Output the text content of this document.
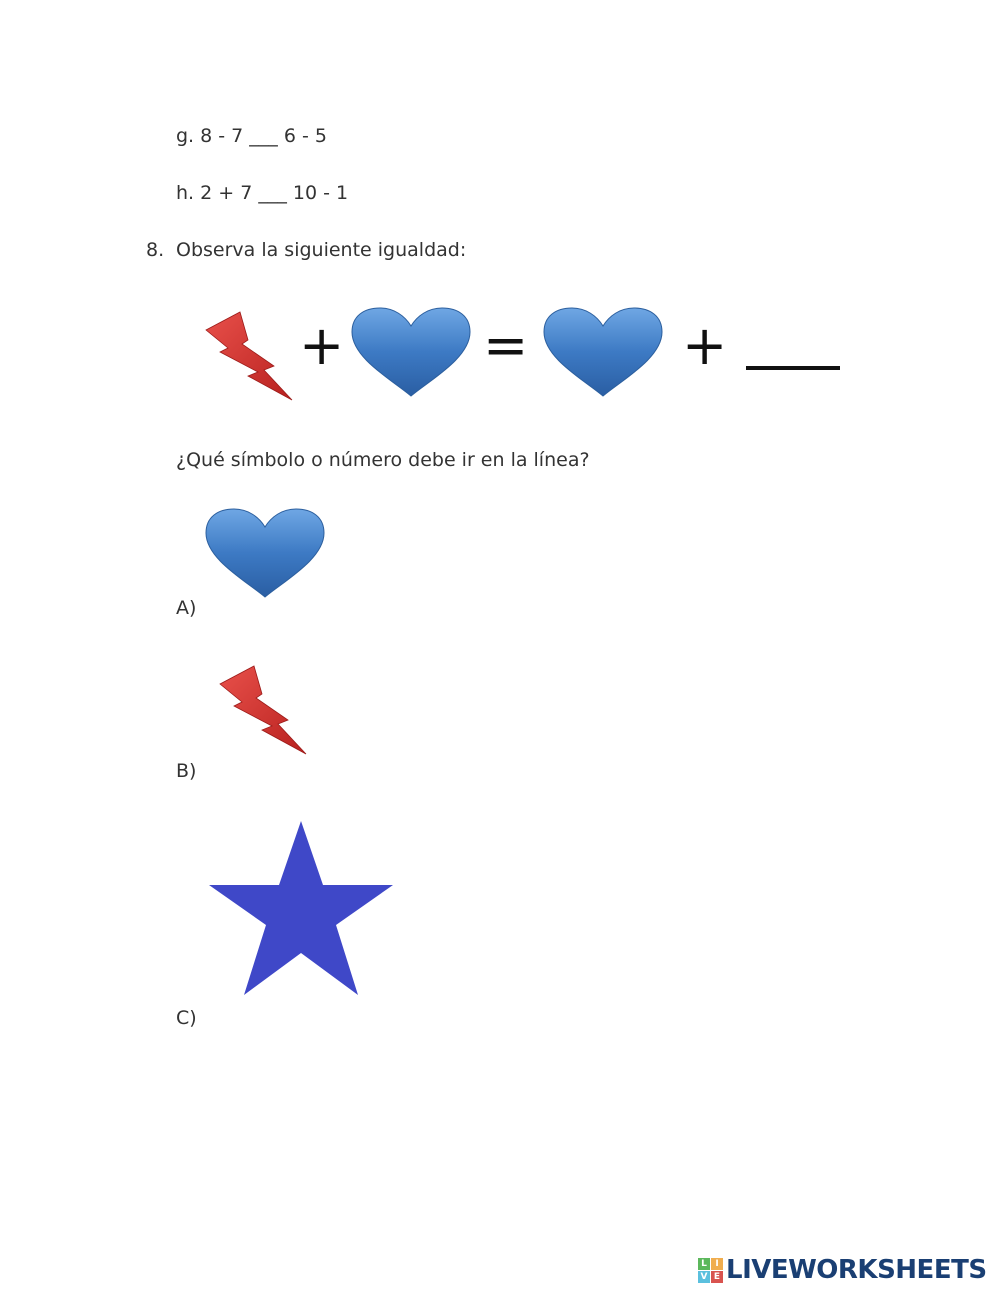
g. 8 - 7 ___ 6 - 5
h. 2 + 7 ___ 10 - 1
8. Observa la siguiente igualdad:
+	=	+
¿Qué símbolo o número debe ir en la línea?
A)
B)
C)
L I
V E LIVEWORKSHEETS
